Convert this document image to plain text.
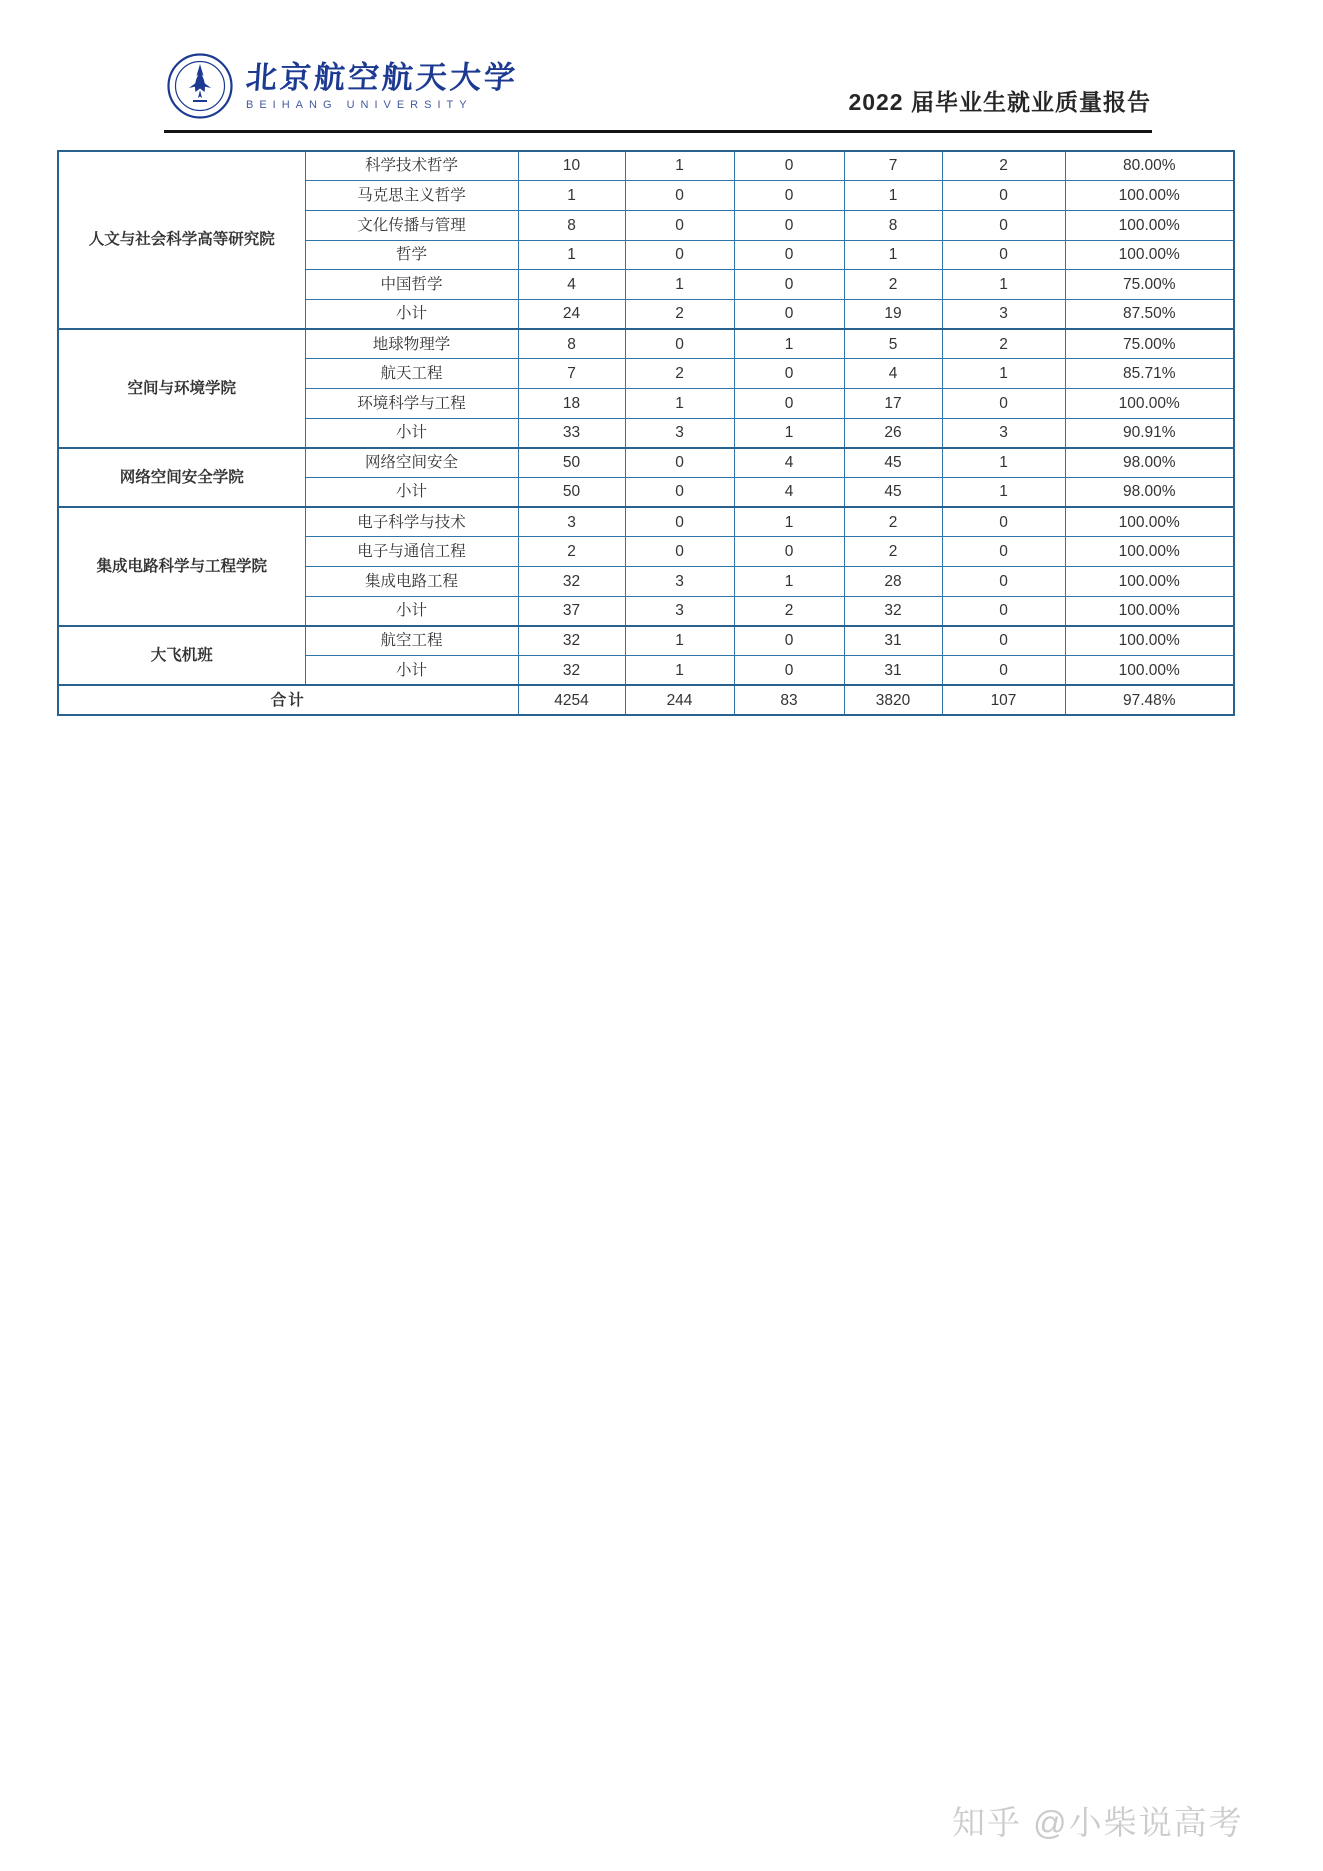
北京航空航天大学
BEIHANG UNIVERSITY	2022 届毕业生就业质量报告
人文与社会科学高等研究院	科学技术哲学	10	1	0	7	2	80.00%
	马克思主义哲学	1	0	0	1	0	100.00%
	文化传播与管理	8	0	0	8	0	100.00%
	哲学	1	0	0	1	0	100.00%
	中国哲学	4	1	0	2	1	75.00%
	小计	24	2	0	19	3	87.50%
空间与环境学院	地球物理学	8	0	1	5	2	75.00%
	航天工程	7	2	0	4	1	85.71%
	环境科学与工程	18	1	0	17	0	100.00%
	小计	33	3	1	26	3	90.91%
网络空间安全学院	网络空间安全	50	0	4	45	1	98.00%
	小计	50	0	4	45	1	98.00%
集成电路科学与工程学院	电子科学与技术	3	0	1	2	0	100.00%
	电子与通信工程	2	0	0	2	0	100.00%
	集成电路工程	32	3	1	28	0	100.00%
	小计	37	3	2	32	0	100.00%
大飞机班	航空工程	32	1	0	31	0	100.00%
	小计	32	1	0	31	0	100.00%
合计		4254	244	83	3820	107	97.48%
知乎 @小柴说高考
